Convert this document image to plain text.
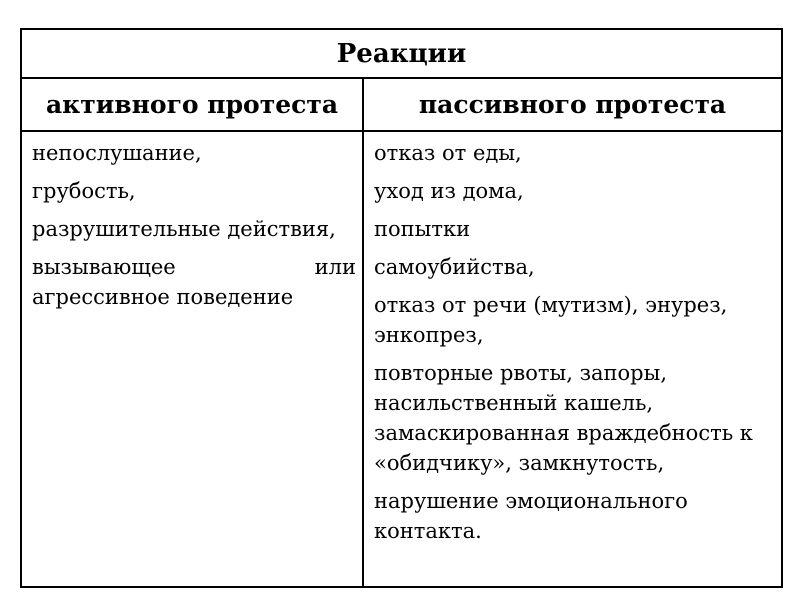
Реакции	
активного протеста	пассивного протеста

непослушание,
грубость,
разрушительные действия,
вызывающее или
агрессивное поведение

отказ от еды,
уход из дома,
попытки
самоубийства,
отказ от речи (мутизм), энурез,
энкопрез,
повторные рвоты, запоры,
насильственный кашель,
замаскированная враждебность к
«обидчику», замкнутость,
нарушение эмоционального
контакта.
